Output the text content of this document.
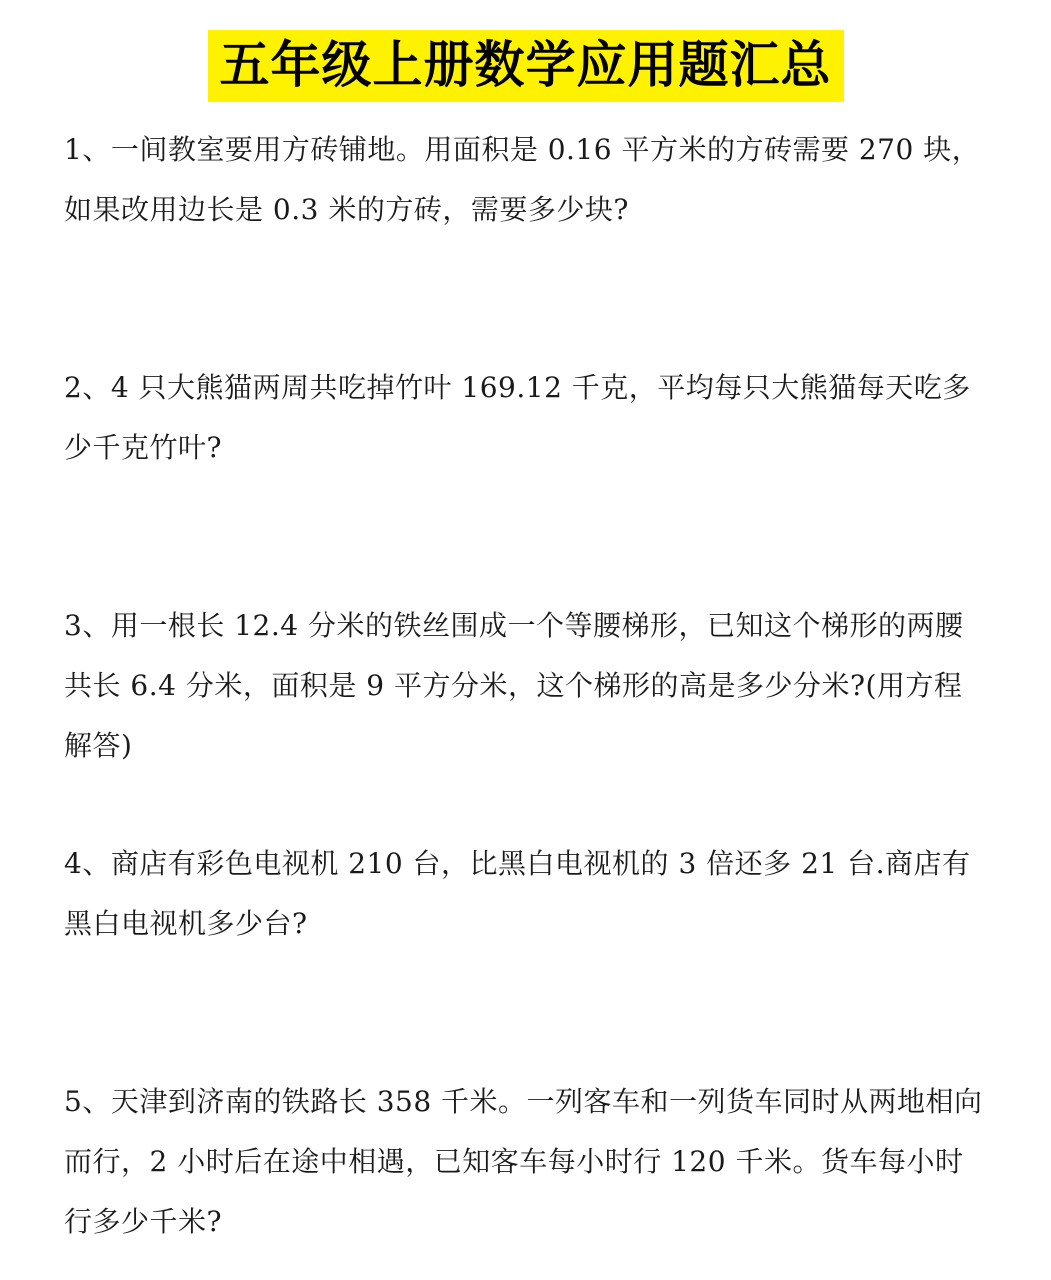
五年级上册数学应用题汇总
1、一间教室要用方砖铺地。用面积是 0.16 平方米的方砖需要 270 块，如果改用边长是 0.3 米的方砖，需要多少块?
2、4 只大熊猫两周共吃掉竹叶 169.12 千克，平均每只大熊猫每天吃多少千克竹叶?
3、用一根长 12.4 分米的铁丝围成一个等腰梯形，已知这个梯形的两腰共长 6.4 分米，面积是 9 平方分米，这个梯形的高是多少分米?(用方程解答)
4、商店有彩色电视机 210 台，比黑白电视机的 3 倍还多 21 台.商店有黑白电视机多少台?
5、天津到济南的铁路长 358 千米。一列客车和一列货车同时从两地相向而行，2 小时后在途中相遇，已知客车每小时行 120 千米。货车每小时行多少千米?
